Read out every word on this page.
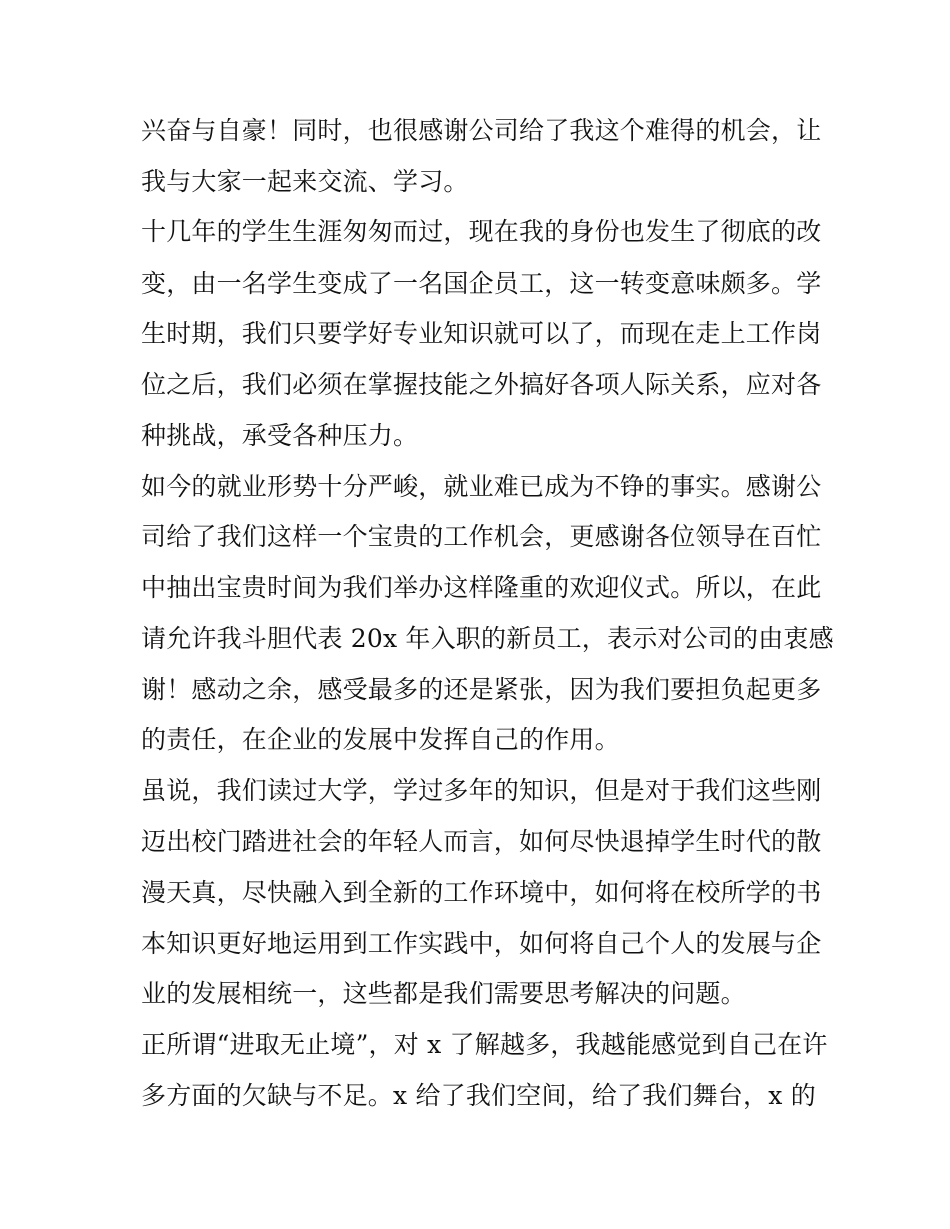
兴奋与自豪！同时，也很感谢公司给了我这个难得的机会，让
我与大家一起来交流、学习。
十几年的学生生涯匆匆而过，现在我的身份也发生了彻底的改
变，由一名学生变成了一名国企员工，这一转变意味颇多。学
生时期，我们只要学好专业知识就可以了，而现在走上工作岗
位之后，我们必须在掌握技能之外搞好各项人际关系，应对各
种挑战，承受各种压力。
如今的就业形势十分严峻，就业难已成为不铮的事实。感谢公
司给了我们这样一个宝贵的工作机会，更感谢各位领导在百忙
中抽出宝贵时间为我们举办这样隆重的欢迎仪式。所以，在此
请允许我斗胆代表 20x 年入职的新员工，表示对公司的由衷感
谢！感动之余，感受最多的还是紧张，因为我们要担负起更多
的责任，在企业的发展中发挥自己的作用。
虽说，我们读过大学，学过多年的知识，但是对于我们这些刚
迈出校门踏进社会的年轻人而言，如何尽快退掉学生时代的散
漫天真，尽快融入到全新的工作环境中，如何将在校所学的书
本知识更好地运用到工作实践中，如何将自己个人的发展与企
业的发展相统一，这些都是我们需要思考解决的问题。
正所谓“进取无止境”，对 x 了解越多，我越能感觉到自己在许
多方面的欠缺与不足。x 给了我们空间，给了我们舞台，x 的
